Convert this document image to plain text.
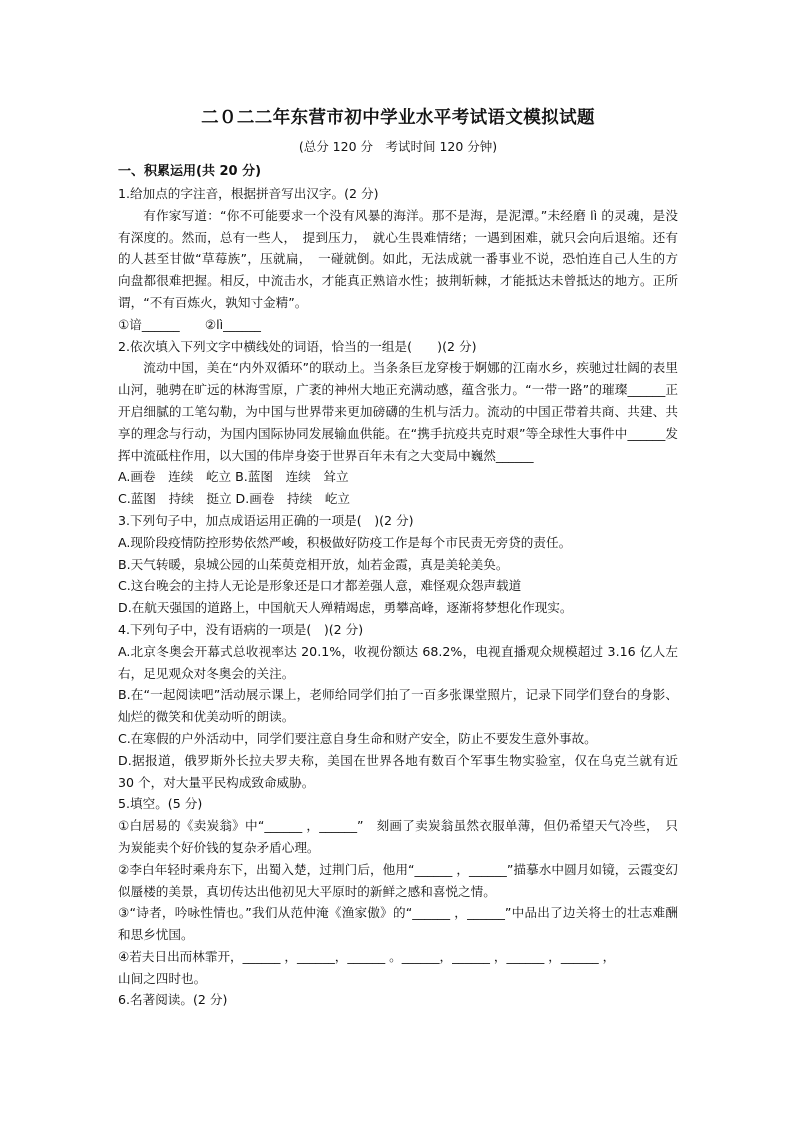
二０二二年东营市初中学业水平考试语文模拟试题

(总分 120 分　考试时间 120 分钟)

一、积累运用(共 20 分)

1.给加点的字注音，根据拼音写出汉字。(2 分)

有作家写道：“你不可能要求一个没有风暴的海洋。那不是海，是泥潭。”未经磨 lì 的灵魂，是没有深度的。然而，总有一些人，　提到压力，　就心生畏难情绪；一遇到困难，就只会向后退缩。还有的人甚至甘做“草莓族”，压就扁，　一碰就倒。如此，无法成就一番事业不说，恐怕连自己人生的方向盘都很难把握。相反，中流击水，才能真正熟谙水性；披荆斩棘，才能抵达未曾抵达的地方。正所谓，“不有百炼火，孰知寸金精”。

①谙______　　②lì______

2.依次填入下列文字中横线处的词语，恰当的一组是(　　)(2 分)

流动中国，美在“内外双循环”的联动上。当条条巨龙穿梭于婀娜的江南水乡，疾驰过壮阔的表里山河，驰骋在旷远的林海雪原，广袤的神州大地正充满动感，蕴含张力。“一带一路”的璀璨______正开启细腻的工笔勾勒，为中国与世界带来更加磅礴的生机与活力。流动的中国正带着共商、共建、共享的理念与行动，为国内国际协同发展输血供能。在“携手抗疫共克时艰”等全球性大事件中______发挥中流砥柱作用，以大国的伟岸身姿于世界百年未有之大变局中巍然______

A.画卷　连续　屹立 B.蓝图　连续　耸立

C.蓝图　持续　挺立 D.画卷　持续　屹立

3.下列句子中，加点成语运用正确的一项是(　)(2 分)

A.现阶段疫情防控形势依然严峻，积极做好防疫工作是每个市民责无旁贷的责任。

B.天气转暖，泉城公园的山茱萸竞相开放，灿若金霞，真是美轮美奂。

C.这台晚会的主持人无论是形象还是口才都差强人意，难怪观众怨声载道

D.在航天强国的道路上，中国航天人殚精竭虑，勇攀高峰，逐渐将梦想化作现实。

4.下列句子中，没有语病的一项是(　)(2 分)

A.北京冬奥会开幕式总收视率达 20.1%，收视份额达 68.2%，电视直播观众规模超过 3.16 亿人左右，足见观众对冬奥会的关注。

B.在“一起阅读吧”活动展示课上，老师给同学们拍了一百多张课堂照片，记录下同学们登台的身影、灿烂的微笑和优美动听的朗读。

C.在寒假的户外活动中，同学们要注意自身生命和财产安全，防止不要发生意外事故。

D.据报道，俄罗斯外长拉夫罗夫称，美国在世界各地有数百个军事生物实验室，仅在乌克兰就有近 30 个，对大量平民构成致命威胁。

5.填空。(5 分)

①白居易的《卖炭翁》中“______ ，______”　刻画了卖炭翁虽然衣服单薄，但仍希望天气冷些，　只为炭能卖个好价钱的复杂矛盾心理。

②李白年轻时乘舟东下，出蜀入楚，过荆门后，他用“______ ，______”描摹水中圆月如镜，云霞变幻似蜃楼的美景，真切传达出他初见大平原时的新鲜之感和喜悦之情。

③“诗者，吟咏性情也。”我们从范仲淹《渔家傲》的“______ ，______”中品出了边关将士的壮志难酬和思乡忧国。

④若夫日出而林霏开，______ ，______，______ 。______，______ ，______ ，______ ，

山间之四时也。

6.名著阅读。(2 分)
